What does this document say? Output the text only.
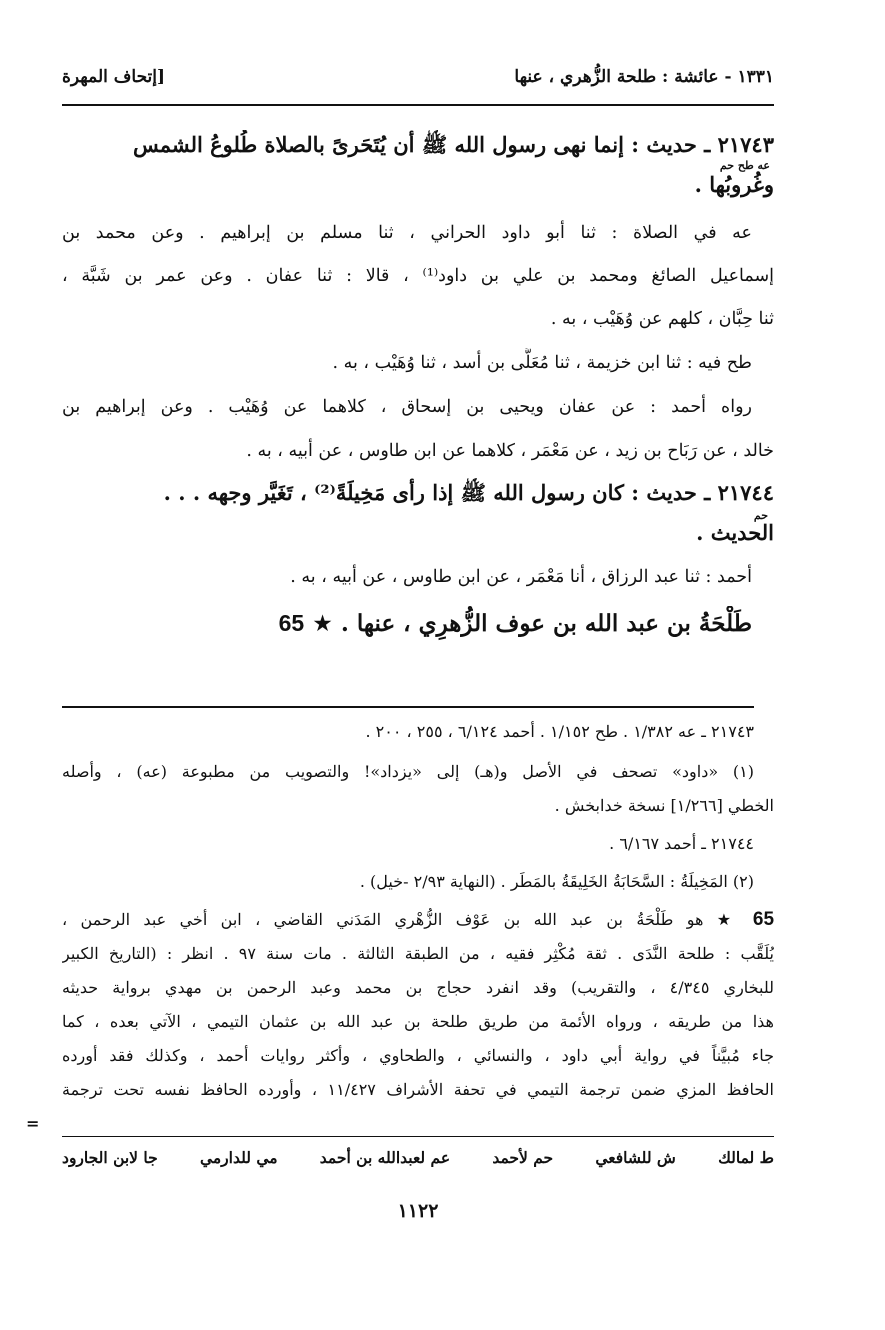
١٣٣١ - عائشة : طلحة الزُّهري ، عنها
[إتحاف المهرة
٢١٧٤٣ ـ حديث : إنما نهى رسول الله ﷺ أن يُتَحَرىً بالصلاة طُلوعُ الشمس
عه طح حم
وغُروبُها .
عه في الصلاة : ثنا أبو داود الحراني ، ثنا مسلم بن إبراهيم . وعن محمد بن
إسماعيل الصائغ ومحمد بن علي بن داود⁽¹⁾ ، قالا : ثنا عفان . وعن عمر بن شَبَّة ،
ثنا حِبَّان ، كلهم عن وُهَيْب ، به .
طح فيه : ثنا ابن خزيمة ، ثنا مُعَلَّى بن أسد ، ثنا وُهَيْب ، به .
رواه أحمد : عن عفان ويحيى بن إسحاق ، كلاهما عن وُهَيْب . وعن إبراهيم بن
خالد ، عن رَبَاح بن زيد ، عن مَعْمَر ، كلاهما عن ابن طاوس ، عن أبيه ، به .
٢١٧٤٤ ـ حديث : كان رسول الله ﷺ إذا رأى مَخِيلَةً⁽²⁾ ، تَغَيَّر وجهه . . .
حم
الحديث .
أحمد : ثنا عبد الرزاق ، أنا مَعْمَر ، عن ابن طاوس ، عن أبيه ، به .
طَلْحَةُ بن عبد الله بن عوف الزُّهرِي ، عنها . ★ 65
٢١٧٤٣ ـ عه ١/٣٨٢ . طح ١/١٥٢ . أحمد ٦/١٢٤ ، ٢٥٥ ، ٢٠٠ .
(١) «داود» تصحف في الأصل و(هـ) إلى «يزداد»! والتصويب من مطبوعة (عه) ، وأصله
الخطي [١/٢٦٦] نسخة خدابخش .
٢١٧٤٤ ـ أحمد ٦/١٦٧ .
(٢) المَخِيلَةُ : السَّحَابَةُ الخَلِيقَةُ بالمَطَر . (النهاية ٢/٩٣ -خيل) .
65 ★ هو طَلْحَةُ بن عبد الله بن عَوْف الزُّهْري المَدَني القاضي ، ابن أخي عبد الرحمن ،
يُلَقَّب : طلحة النَّدَى . ثقة مُكْثِر فقيه ، من الطبقة الثالثة . مات سنة ٩٧ . انظر : (التاريخ الكبير
للبخاري ٤/٣٤٥ ، والتقريب) وقد انفرد حجاج بن محمد وعبد الرحمن بن مهدي برواية حديثه
هذا من طريقه ، ورواه الأئمة من طريق طلحة بن عبد الله بن عثمان التيمي ، الآتي بعده ، كما
جاء مُبيَّناً في رواية أبي داود ، والنسائي ، والطحاوي ، وأكثر روايات أحمد ، وكذلك فقد أورده
الحافظ المزي ضمن ترجمة التيمي في تحفة الأشراف ١١/٤٢٧ ، وأورده الحافظ نفسه تحت ترجمة
=
ط لمالك
ش للشافعي
حم لأحمد
عم لعبدالله بن أحمد
مي للدارمي
جا لابن الجارود
١١٢٢
